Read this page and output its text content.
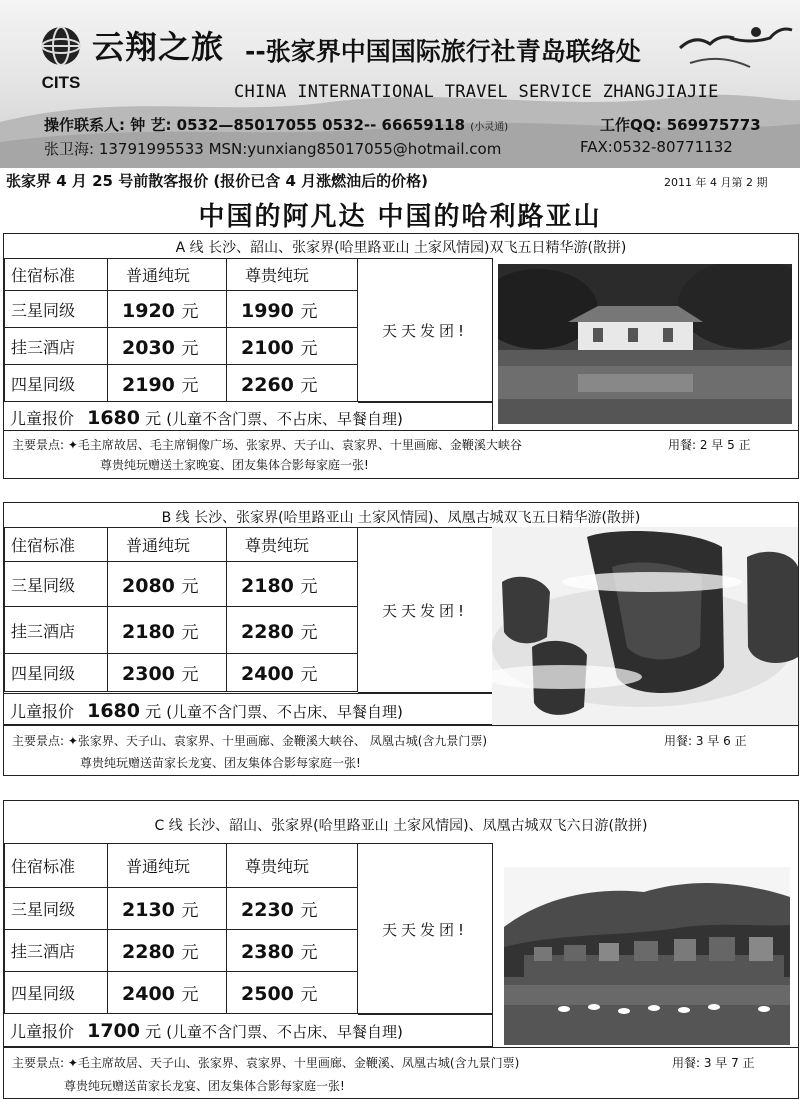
CITS
云翔之旅 --张家界中国国际旅行社青岛联络处
CHINA INTERNATIONAL TRAVEL SERVICE ZHANGJIAJIE
操作联系人: 钟 艺: 0532—85017055 0532-- 66659118 (小灵通)	工作QQ: 569975773
张卫海: 13791995533 MSN:yunxiang85017055@hotmail.com	FAX:0532-80771132
张家界 4 月 25 号前散客报价 (报价已含 4 月涨燃油后的价格)	2011 年 4 月第 2 期
中国的阿凡达 中国的哈利路亚山
A 线 长沙、韶山、张家界(哈里路亚山 土家风情园)双飞五日精华游(散拼)
住宿标准	普通纯玩	尊贵纯玩
三星同级	1920 元	1990 元
挂三酒店	2030 元	2100 元
四星同级	2190 元	2260 元
天天发团!
儿童报价 1680 元 (儿童不含门票、不占床、早餐自理)
主要景点: ✦毛主席故居、毛主席铜像广场、张家界、天子山、袁家界、十里画廊、金鞭溪大峡谷	用餐: 2 早 5 正
尊贵纯玩赠送土家晚宴、团友集体合影每家庭一张!
B 线 长沙、张家界(哈里路亚山 土家风情园)、凤凰古城双飞五日精华游(散拼)
住宿标准	普通纯玩	尊贵纯玩
三星同级	2080 元	2180 元
挂三酒店	2180 元	2280 元
四星同级	2300 元	2400 元
天天发团!
儿童报价 1680 元 (儿童不含门票、不占床、早餐自理)
主要景点: ✦张家界、天子山、袁家界、十里画廊、金鞭溪大峡谷、 凤凰古城(含九景门票)	用餐: 3 早 6 正
尊贵纯玩赠送苗家长龙宴、团友集体合影每家庭一张!
C 线 长沙、韶山、张家界(哈里路亚山 土家风情园)、凤凰古城双飞六日游(散拼)
住宿标准	普通纯玩	尊贵纯玩
三星同级	2130 元	2230 元
挂三酒店	2280 元	2380 元
四星同级	2400 元	2500 元
天天发团!
儿童报价 1700 元 (儿童不含门票、不占床、早餐自理)
主要景点: ✦毛主席故居、天子山、张家界、袁家界、十里画廊、金鞭溪、凤凰古城(含九景门票)	用餐: 3 早 7 正
尊贵纯玩赠送苗家长龙宴、团友集体合影每家庭一张!
